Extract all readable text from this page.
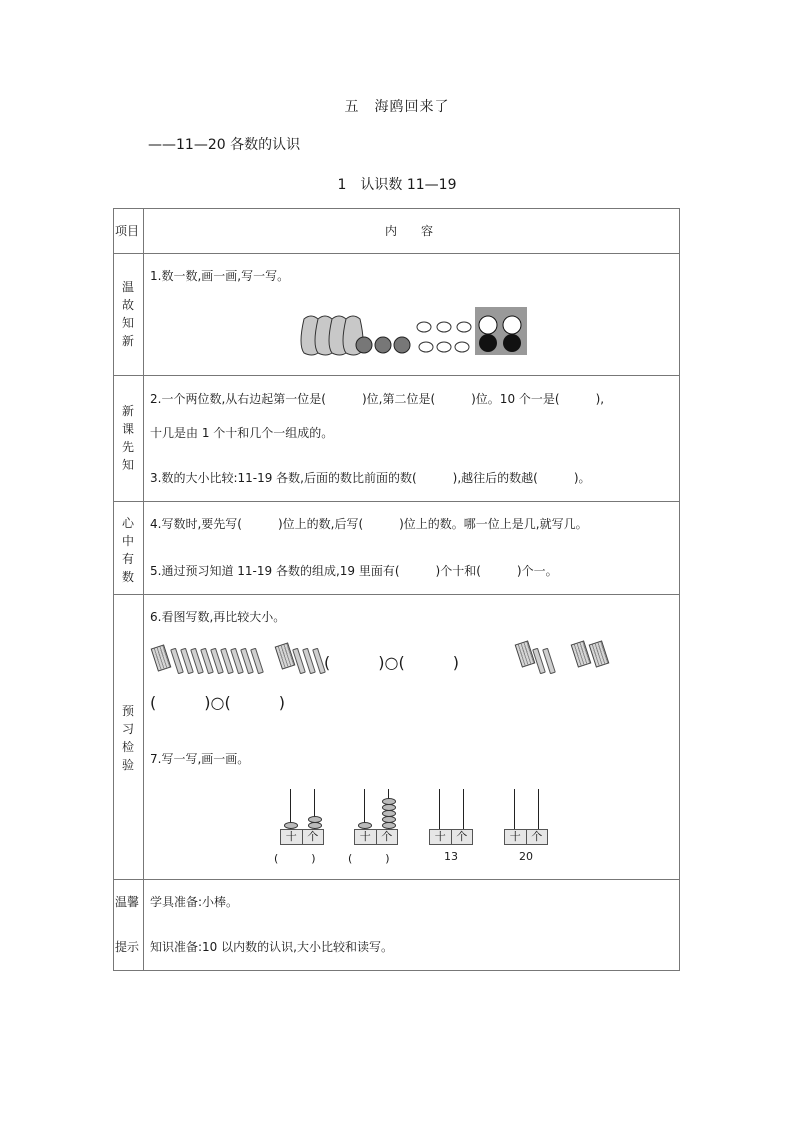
五　海鸥回来了
——11—20 各数的认识
1　认识数 11—19
项目	内　　容
温
故
知
新
1.数一数,画一画,写一写。
新
课
先
知
2.一个两位数,从右边起第一位是(　　　)位,第二位是(　　　)位。10 个一是(　　　),
十几是由 1 个十和几个一组成的。
3.数的大小比较:11-19 各数,后面的数比前面的数(　　　),越往后的数越(　　　)。
心
中
有
数
4.写数时,要先写(　　　)位上的数,后写(　　　)位上的数。哪一位上是几,就写几。
5.通过预习知道 11-19 各数的组成,19 里面有(　　　)个十和(　　　)个一。
预
习
检
验
6.看图写数,再比较大小。
(　　　)○(　　　)
(　　　)○(　　　)
7.写一写,画一画。
十 个
(　　　)
十 个
(　　　)
十 个
13
十 个
20
温馨
提示
学具准备:小棒。
知识准备:10 以内数的认识,大小比较和读写。
